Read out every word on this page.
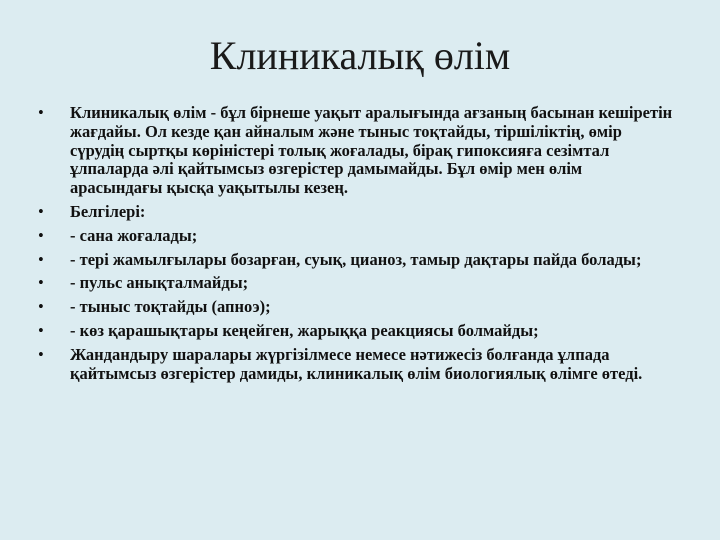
Клиникалық өлім
•	Клиникалық өлім - бұл бірнеше уақыт аралығында ағзаның басынан кешіретін жағдайы. Ол кезде қан айналым және тыныс тоқтайды, тіршіліктің, өмір сүрудің сыртқы көріністері толық жоғалады, бірақ гипоксияға сезімтал ұлпаларда әлі қайтымсыз өзгерістер дамымайды. Бұл өмір мен өлім арасындағы қысқа уақытылы кезең.
•	Белгілері:
•	- сана жоғалады;
•	- тері жамылғылары бозарған, суық, цианоз, тамыр дақтары пайда болады;
•	- пульс анықталмайды;
•	- тыныс тоқтайды (апноэ);
•	- көз қарашықтары кеңейген, жарыққа реакциясы болмайды;
•	Жандандыру шаралары жүргізілмесе немесе нәтижесіз болғанда ұлпада қайтымсыз өзгерістер дамиды, клиникалық өлім биологиялық өлімге өтеді.
